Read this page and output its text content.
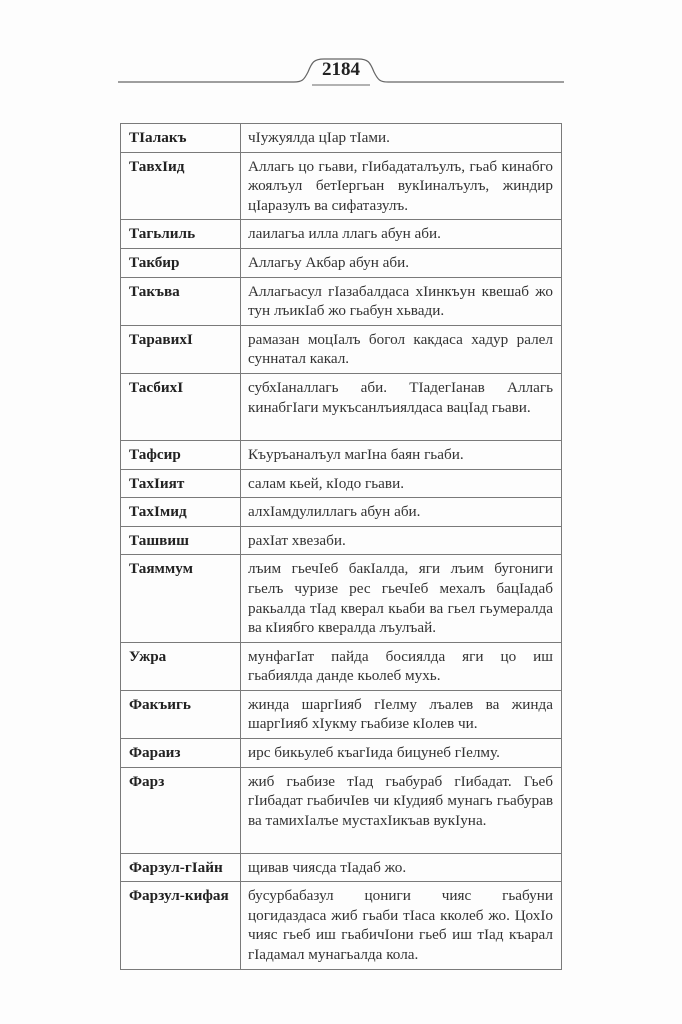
2184
ТIалакъ	чIужуялда цIар тIами.
ТавхIид	Аллагь цо гьави, гIибадаталъулъ, гьаб кинабго жоялъул бетIергьан вукIиналъулъ, жиндир цIаразулъ ва сифатазулъ.
Тагьлиль	лаилагьа илла ллагь абун аби.
Такбир	Аллагьу Акбар абун аби.
Такъва	Аллагьасул гIазабалдаса хIинкъун квешаб жо тун лъикIаб жо гьабун хьвади.
ТаравихI	рамазан моцIалъ богол какдаса хадур ралел суннатал какал.
ТасбихI	субхIаналлагь аби. ТIадегIанав Аллагь кинабгIаги мукъсанлъиялдаса вацIад гьави.
Тафсир	Къуръаналъул магIна баян гьаби.
ТахIият	салам кьей, кIодо гьави.
ТахIмид	алхIамдулиллагь абун аби.
Ташвиш	рахIат хвезаби.
Таяммум	лъим гьечIеб бакIалда, яги лъим бугониги гьелъ чуризе рес гьечIеб мехалъ бацIадаб ракьалда тIад кверал кьаби ва гьел гьумералда ва кIиябго квералда лъулъай.
Ужра	мунфагIат пайда босиялда яги цо иш гьабиялда данде кьолеб мухь.
Факъигь	жинда шаргIияб гIелму лъалев ва жинда шаргIияб хIукму гьабизе кIолев чи.
Фараиз	ирс бикьулеб къагIида бицунеб гIелму.
Фарз	жиб гьабизе тIад гьабураб гIибадат. Гьеб гIибадат гьабичIев чи кIудияб мунагь гьабурав ва тамихIалъе мустахIикъав вукIуна.
Фарзул-гIайн	щивав чиясда тIадаб жо.
Фарзул-кифая	бусурбабазул цониги чияс гьабуни цогидаздаса жиб гьаби тIаса кколеб жо. ЦохIо чияс гьеб иш гьабичIони гьеб иш тIад къарал гIадамал мунагьалда кола.
